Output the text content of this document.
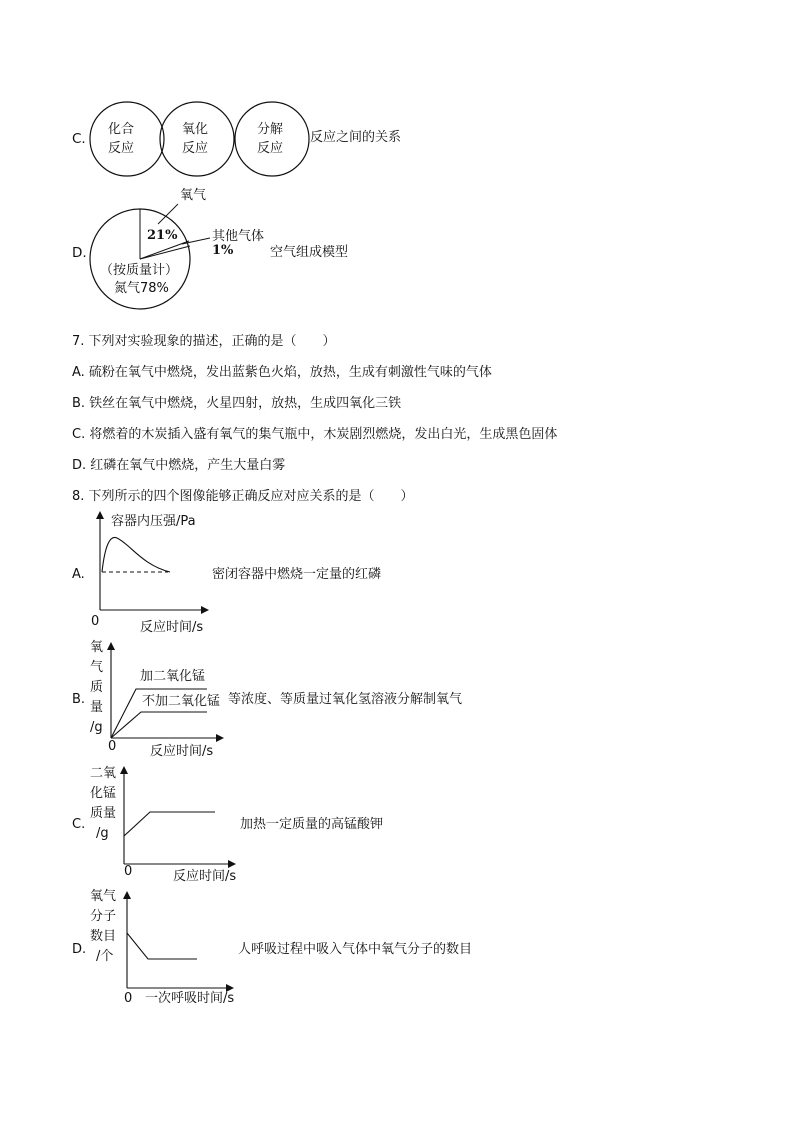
C.
化合
反应
氧化
反应
分解
反应
反应之间的关系
D.
氧气
21%	其他气体
1%
（按质量计）
氮气78%
空气组成模型
7. 下列对实验现象的描述，正确的是（　　）
A. 硫粉在氧气中燃烧，发出蓝紫色火焰，放热，生成有刺激性气味的气体
B. 铁丝在氧气中燃烧，火星四射，放热，生成四氧化三铁
C. 将燃着的木炭插入盛有氧气的集气瓶中，木炭剧烈燃烧，发出白光，生成黑色固体
D. 红磷在氧气中燃烧，产生大量白雾
8. 下列所示的四个图像能够正确反应对应关系的是（　　）
A.
容器内压强/Pa
0	反应时间/s
密闭容器中燃烧一定量的红磷
B.
氧
气
质
量
/g
0	反应时间/s
加二氧化锰
不加二氧化锰 等浓度、等质量过氧化氢溶液分解制氧气
C.
二氧
化锰
质量
/g
0	反应时间/s
加热一定质量的高锰酸钾
D.
氧气
分子
数目
/个
0 一次呼吸时间/s
人呼吸过程中吸入气体中氧气分子的数目
